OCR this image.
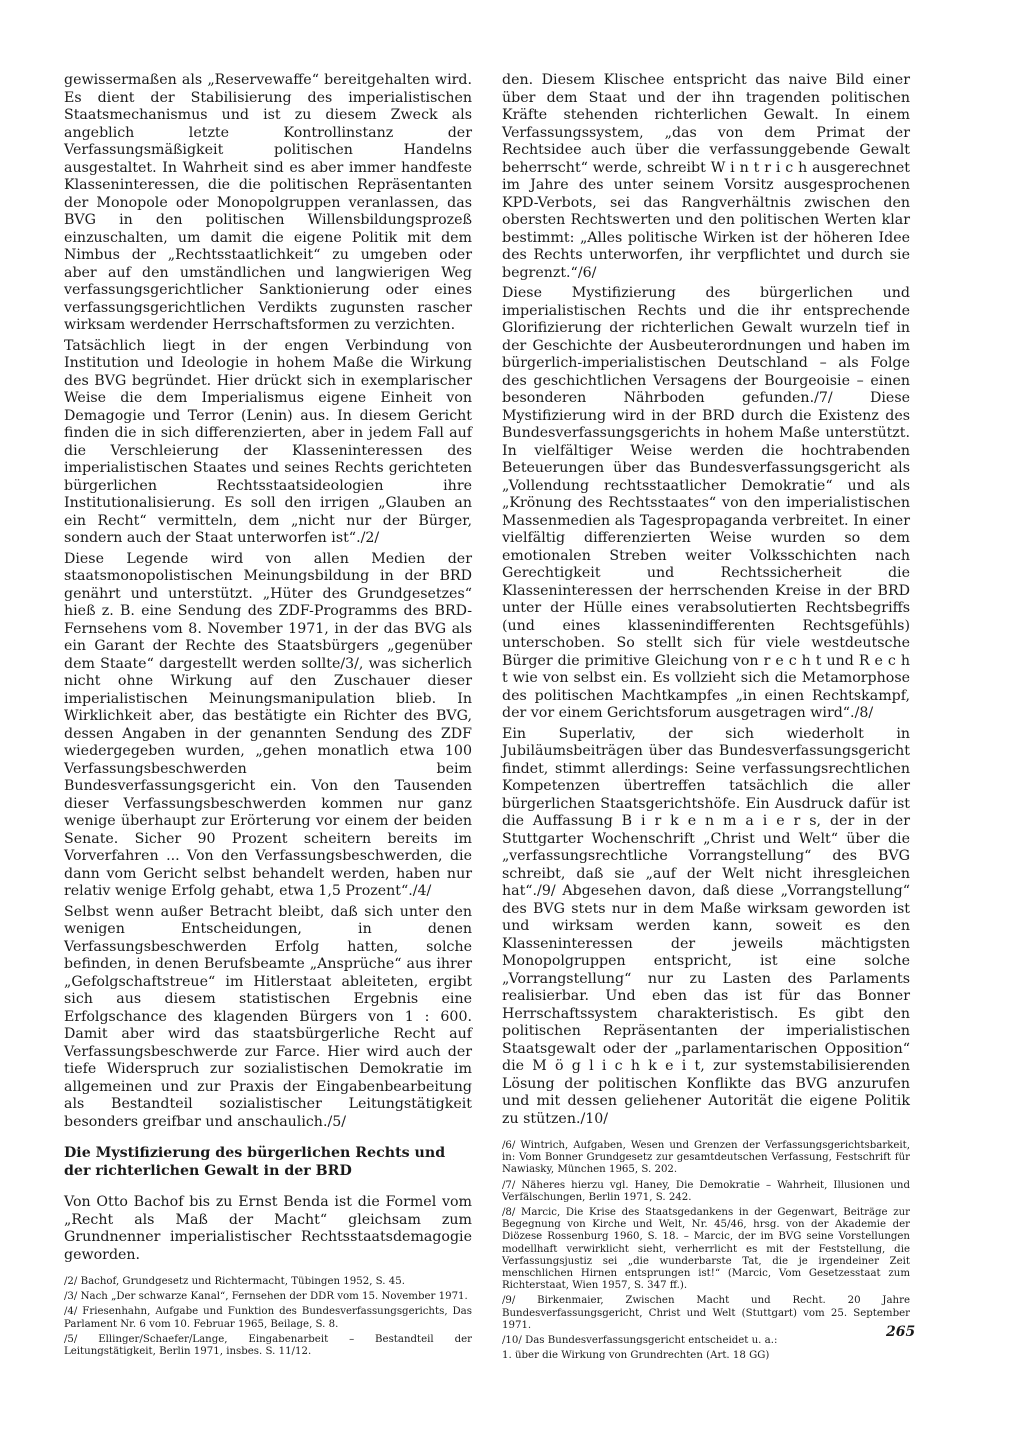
gewissermaßen als „Reservewaffe“ bereitgehalten wird. Es dient der Stabilisierung des imperialistischen Staatsmechanismus und ist zu diesem Zweck als angeblich letzte Kontrollinstanz der Verfassungsmäßigkeit politischen Handelns ausgestaltet. In Wahrheit sind es aber immer handfeste Klasseninteressen, die die politischen Repräsentanten der Monopole oder Monopolgruppen veranlassen, das BVG in den politischen Willensbildungsprozeß einzuschalten, um damit die eigene Politik mit dem Nimbus der „Rechtsstaatlichkeit“ zu umgeben oder aber auf den umständlichen und langwierigen Weg verfassungsgerichtlicher Sanktionierung oder eines verfassungsgerichtlichen Verdikts zugunsten rascher wirksam werdender Herrschaftsformen zu verzichten.

Tatsächlich liegt in der engen Verbindung von Institution und Ideologie in hohem Maße die Wirkung des BVG begründet. Hier drückt sich in exemplarischer Weise die dem Imperialismus eigene Einheit von Demagogie und Terror (Lenin) aus. In diesem Gericht finden die in sich differenzierten, aber in jedem Fall auf die Verschleierung der Klasseninteressen des imperialistischen Staates und seines Rechts gerichteten bürgerlichen Rechtsstaatsideologien ihre Institutionalisierung. Es soll den irrigen „Glauben an ein Recht“ vermitteln, dem „nicht nur der Bürger, sondern auch der Staat unterworfen ist“./2/

Diese Legende wird von allen Medien der staatsmonopolistischen Meinungsbildung in der BRD genährt und unterstützt. „Hüter des Grundgesetzes“ hieß z. B. eine Sendung des ZDF-Programms des BRD-Fernsehens vom 8. November 1971, in der das BVG als ein Garant der Rechte des Staatsbürgers „gegenüber dem Staate“ dargestellt werden sollte/3/, was sicherlich nicht ohne Wirkung auf den Zuschauer dieser imperialistischen Meinungsmanipulation blieb. In Wirklichkeit aber, das bestätigte ein Richter des BVG, dessen Angaben in der genannten Sendung des ZDF wiedergegeben wurden, „gehen monatlich etwa 100 Verfassungsbeschwerden beim Bundesverfassungsgericht ein. Von den Tausenden dieser Verfassungsbeschwerden kommen nur ganz wenige überhaupt zur Erörterung vor einem der beiden Senate. Sicher 90 Prozent scheitern bereits im Vorverfahren ... Von den Verfassungsbeschwerden, die dann vom Gericht selbst behandelt werden, haben nur relativ wenige Erfolg gehabt, etwa 1,5 Prozent“./4/

Selbst wenn außer Betracht bleibt, daß sich unter den wenigen Entscheidungen, in denen Verfassungsbeschwerden Erfolg hatten, solche befinden, in denen Berufsbeamte „Ansprüche“ aus ihrer „Gefolgschaftstreue“ im Hitlerstaat ableiteten, ergibt sich aus diesem statistischen Ergebnis eine Erfolgschance des klagenden Bürgers von 1 : 600. Damit aber wird das staatsbürgerliche Recht auf Verfassungsbeschwerde zur Farce. Hier wird auch der tiefe Widerspruch zur sozialistischen Demokratie im allgemeinen und zur Praxis der Eingabenbearbeitung als Bestandteil sozialistischer Leitungstätigkeit besonders greifbar und anschaulich./5/

Die Mystifizierung des bürgerlichen Rechts und der richterlichen Gewalt in der BRD

Von Otto Bachof bis zu Ernst Benda ist die Formel vom „Recht als Maß der Macht“ gleichsam zum Grundnenner imperialistischer Rechtsstaatsdemagogie geworden.

/2/ Bachof, Grundgesetz und Richtermacht, Tübingen 1952, S. 45.

/3/ Nach „Der schwarze Kanal“, Fernsehen der DDR vom 15. November 1971.

/4/ Friesenhahn, Aufgabe und Funktion des Bundesverfassungsgerichts, Das Parlament Nr. 6 vom 10. Februar 1965, Beilage, S. 8.

/5/ Ellinger/Schaefer/Lange, Eingabenarbeit – Bestandteil der Leitungstätigkeit, Berlin 1971, insbes. S. 11/12.

den. Diesem Klischee entspricht das naive Bild einer über dem Staat und der ihn tragenden politischen Kräfte stehenden richterlichen Gewalt. In einem Verfassungssystem, „das von dem Primat der Rechtsidee auch über die verfassunggebende Gewalt beherrscht“ werde, schreibt W i n t r i c h ausgerechnet im Jahre des unter seinem Vorsitz ausgesprochenen KPD-Verbots, sei das Rangverhältnis zwischen den obersten Rechtswerten und den politischen Werten klar bestimmt: „Alles politische Wirken ist der höheren Idee des Rechts unterworfen, ihr verpflichtet und durch sie begrenzt.“/6/

Diese Mystifizierung des bürgerlichen und imperialistischen Rechts und die ihr entsprechende Glorifizierung der richterlichen Gewalt wurzeln tief in der Geschichte der Ausbeuterordnungen und haben im bürgerlich-imperialistischen Deutschland – als Folge des geschichtlichen Versagens der Bourgeoisie – einen besonderen Nährboden gefunden./7/ Diese Mystifizierung wird in der BRD durch die Existenz des Bundesverfassungsgerichts in hohem Maße unterstützt. In vielfältiger Weise werden die hochtrabenden Beteuerungen über das Bundesverfassungsgericht als „Vollendung rechtsstaatlicher Demokratie“ und als „Krönung des Rechtsstaates“ von den imperialistischen Massenmedien als Tagespropaganda verbreitet. In einer vielfältig differenzierten Weise wurden so dem emotionalen Streben weiter Volksschichten nach Gerechtigkeit und Rechtssicherheit die Klasseninteressen der herrschenden Kreise in der BRD unter der Hülle eines verabsolutierten Rechtsbegriffs (und eines klassenindifferenten Rechtsgefühls) unterschoben. So stellt sich für viele westdeutsche Bürger die primitive Gleichung von r e c h t und R e c h t wie von selbst ein. Es vollzieht sich die Metamorphose des politischen Machtkampfes „in einen Rechtskampf, der vor einem Gerichtsforum ausgetragen wird“./8/

Ein Superlativ, der sich wiederholt in Jubiläumsbeiträgen über das Bundesverfassungsgericht findet, stimmt allerdings: Seine verfassungsrechtlichen Kompetenzen übertreffen tatsächlich die aller bürgerlichen Staatsgerichtshöfe. Ein Ausdruck dafür ist die Auffassung B i r k e n m a i e r s, der in der Stuttgarter Wochenschrift „Christ und Welt“ über die „verfassungsrechtliche Vorrangstellung“ des BVG schreibt, daß sie „auf der Welt nicht ihresgleichen hat“./9/ Abgesehen davon, daß diese „Vorrangstellung“ des BVG stets nur in dem Maße wirksam geworden ist und wirksam werden kann, soweit es den Klasseninteressen der jeweils mächtigsten Monopolgruppen entspricht, ist eine solche „Vorrangstellung“ nur zu Lasten des Parlaments realisierbar. Und eben das ist für das Bonner Herrschaftssystem charakteristisch. Es gibt den politischen Repräsentanten der imperialistischen Staatsgewalt oder der „parlamentarischen Opposition“ die M ö g l i c h k e i t, zur systemstabilisierenden Lösung der politischen Konflikte das BVG anzurufen und mit dessen geliehener Autorität die eigene Politik zu stützen./10/

/6/ Wintrich, Aufgaben, Wesen und Grenzen der Verfassungsgerichtsbarkeit, in: Vom Bonner Grundgesetz zur gesamtdeutschen Verfassung, Festschrift für Nawiasky, München 1965, S. 202.

/7/ Näheres hierzu vgl. Haney, Die Demokratie – Wahrheit, Illusionen und Verfälschungen, Berlin 1971, S. 242.

/8/ Marcic, Die Krise des Staatsgedankens in der Gegenwart, Beiträge zur Begegnung von Kirche und Welt, Nr. 45/46, hrsg. von der Akademie der Diözese Rossenburg 1960, S. 18. – Marcic, der im BVG seine Vorstellungen modellhaft verwirklicht sieht, verherrlicht es mit der Feststellung, die Verfassungsjustiz sei „die wunderbarste Tat, die je irgendeiner Zeit menschlichen Hirnen entsprungen ist!“ (Marcic, Vom Gesetzesstaat zum Richterstaat, Wien 1957, S. 347 ff.).

/9/ Birkenmaier, Zwischen Macht und Recht. 20 Jahre Bundesverfassungsgericht, Christ und Welt (Stuttgart) vom 25. September 1971.

/10/ Das Bundesverfassungsgericht entscheidet u. a.:

1. über die Wirkung von Grundrechten (Art. 18 GG)

265
